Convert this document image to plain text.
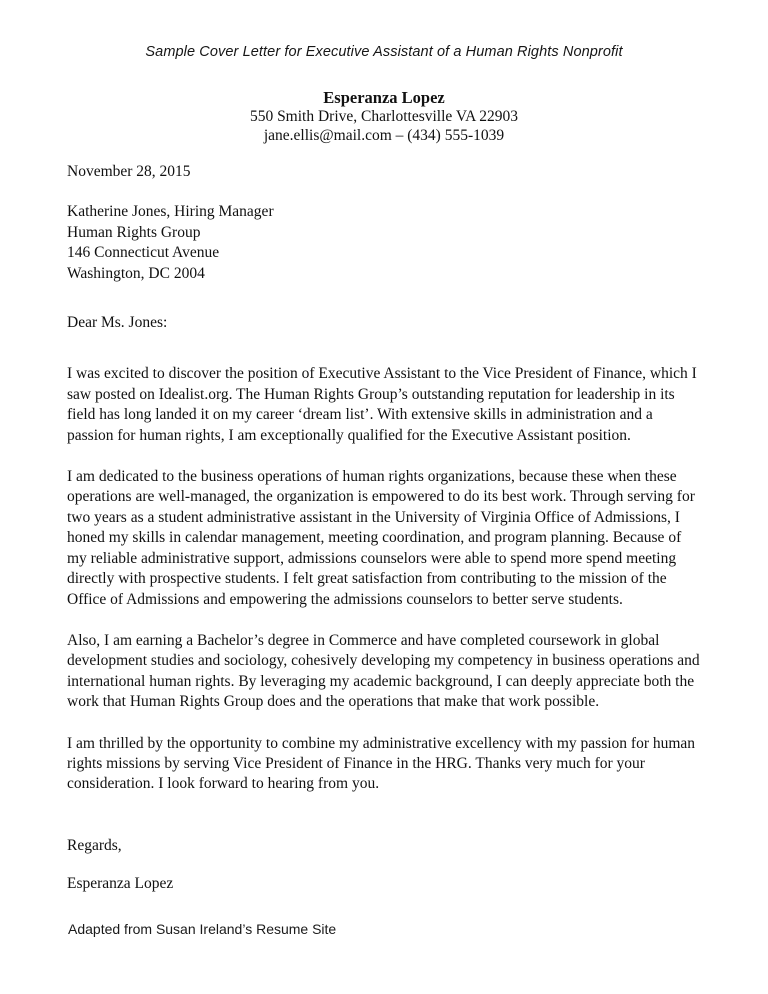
Sample Cover Letter for Executive Assistant of a Human Rights Nonprofit
Esperanza Lopez
550 Smith Drive, Charlottesville VA 22903
jane.ellis@mail.com – (434) 555-1039
November 28, 2015
Katherine Jones, Hiring Manager
Human Rights Group
146 Connecticut Avenue
Washington, DC 2004
Dear Ms. Jones:

I was excited to discover the position of Executive Assistant to the Vice President of Finance, which I saw posted on Idealist.org. The Human Rights Group’s outstanding reputation for leadership in its field has long landed it on my career ‘dream list’. With extensive skills in administration and a passion for human rights, I am exceptionally qualified for the Executive Assistant position.

I am dedicated to the business operations of human rights organizations, because these when these operations are well-managed, the organization is empowered to do its best work. Through serving for two years as a student administrative assistant in the University of Virginia Office of Admissions, I honed my skills in calendar management, meeting coordination, and program planning. Because of my reliable administrative support, admissions counselors were able to spend more spend meeting directly with prospective students. I felt great satisfaction from contributing to the mission of the Office of Admissions and empowering the admissions counselors to better serve students.

Also, I am earning a Bachelor’s degree in Commerce and have completed coursework in global development studies and sociology, cohesively developing my competency in business operations and international human rights. By leveraging my academic background, I can deeply appreciate both the work that Human Rights Group does and the operations that make that work possible.

I am thrilled by the opportunity to combine my administrative excellency with my passion for human rights missions by serving Vice President of Finance in the HRG. Thanks very much for your consideration. I look forward to hearing from you.

Regards,
Esperanza Lopez
Adapted from Susan Ireland’s Resume Site
